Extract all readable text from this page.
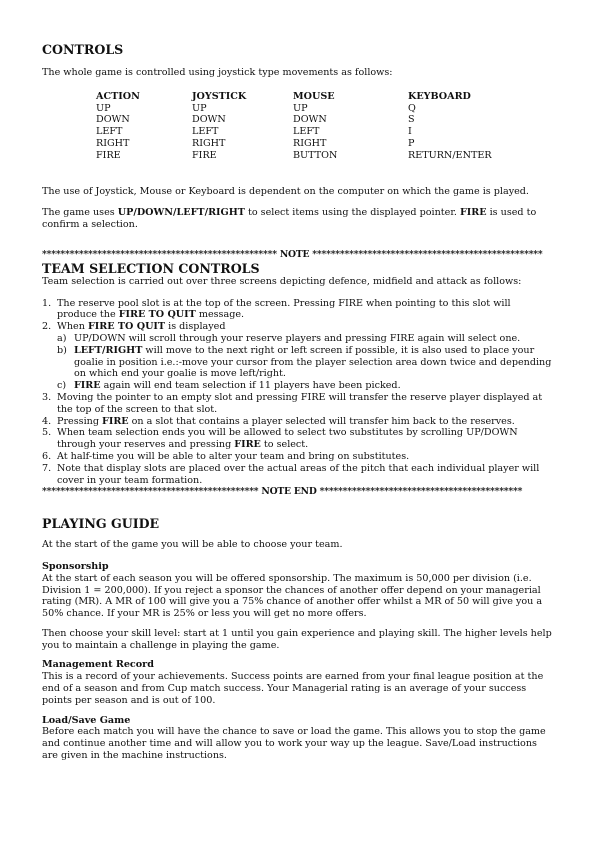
CONTROLS

The whole game is controlled using joystick type movements as follows:

ACTION	JOYSTICK	MOUSE	KEYBOARD
UP	UP	UP	Q
DOWN	DOWN	DOWN	S
LEFT	LEFT	LEFT	I
RIGHT	RIGHT	RIGHT	P
FIRE	FIRE	BUTTON	RETURN/ENTER

The use of Joystick, Mouse or Keyboard is dependent on the computer on which the game is played.

The game uses UP/DOWN/LEFT/RIGHT to select items using the displayed pointer. FIRE is used to confirm a selection.

*************************************************** NOTE **************************************************
TEAM SELECTION CONTROLS

Team selection is carried out over three screens depicting defence, midfield and attack as follows:

1. The reserve pool slot is at the top of the screen. Pressing FIRE when pointing to this slot will produce the FIRE TO QUIT message.
2. When FIRE TO QUIT is displayed
a) UP/DOWN will scroll through your reserve players and pressing FIRE again will select one.
b) LEFT/RIGHT will move to the next right or left screen if possible, it is also used to place your goalie in position i.e.:-move your cursor from the player selection area down twice and depending on which end your goalie is move left/right.
c) FIRE again will end team selection if 11 players have been picked.
3. Moving the pointer to an empty slot and pressing FIRE will transfer the reserve player displayed at the top of the screen to that slot.
4. Pressing FIRE on a slot that contains a player selected will transfer him back to the reserves.
5. When team selection ends you will be allowed to select two substitutes by scrolling UP/DOWN through your reserves and pressing FIRE to select.
6. At half-time you will be able to alter your team and bring on substitutes.
7. Note that display slots are placed over the actual areas of the pitch that each individual player will cover in your team formation.
*********************************************** NOTE END ********************************************
PLAYING GUIDE

At the start of the game you will be able to choose your team.

Sponsorship

At the start of each season you will be offered sponsorship. The maximum is 50,000 per division (i.e. Division 1 = 200,000). If you reject a sponsor the chances of another offer depend on your managerial rating (MR). A MR of 100 will give you a 75% chance of another offer whilst a MR of 50 will give you a 50% chance. If your MR is 25% or less you will get no more offers.

Then choose your skill level: start at 1 until you gain experience and playing skill. The higher levels help you to maintain a challenge in playing the game.

Management Record

This is a record of your achievements. Success points are earned from your final league position at the end of a season and from Cup match success. Your Managerial rating is an average of your success points per season and is out of 100.

Load/Save Game

Before each match you will have the chance to save or load the game. This allows you to stop the game and continue another time and will allow you to work your way up the league. Save/Load instructions are given in the machine instructions.
